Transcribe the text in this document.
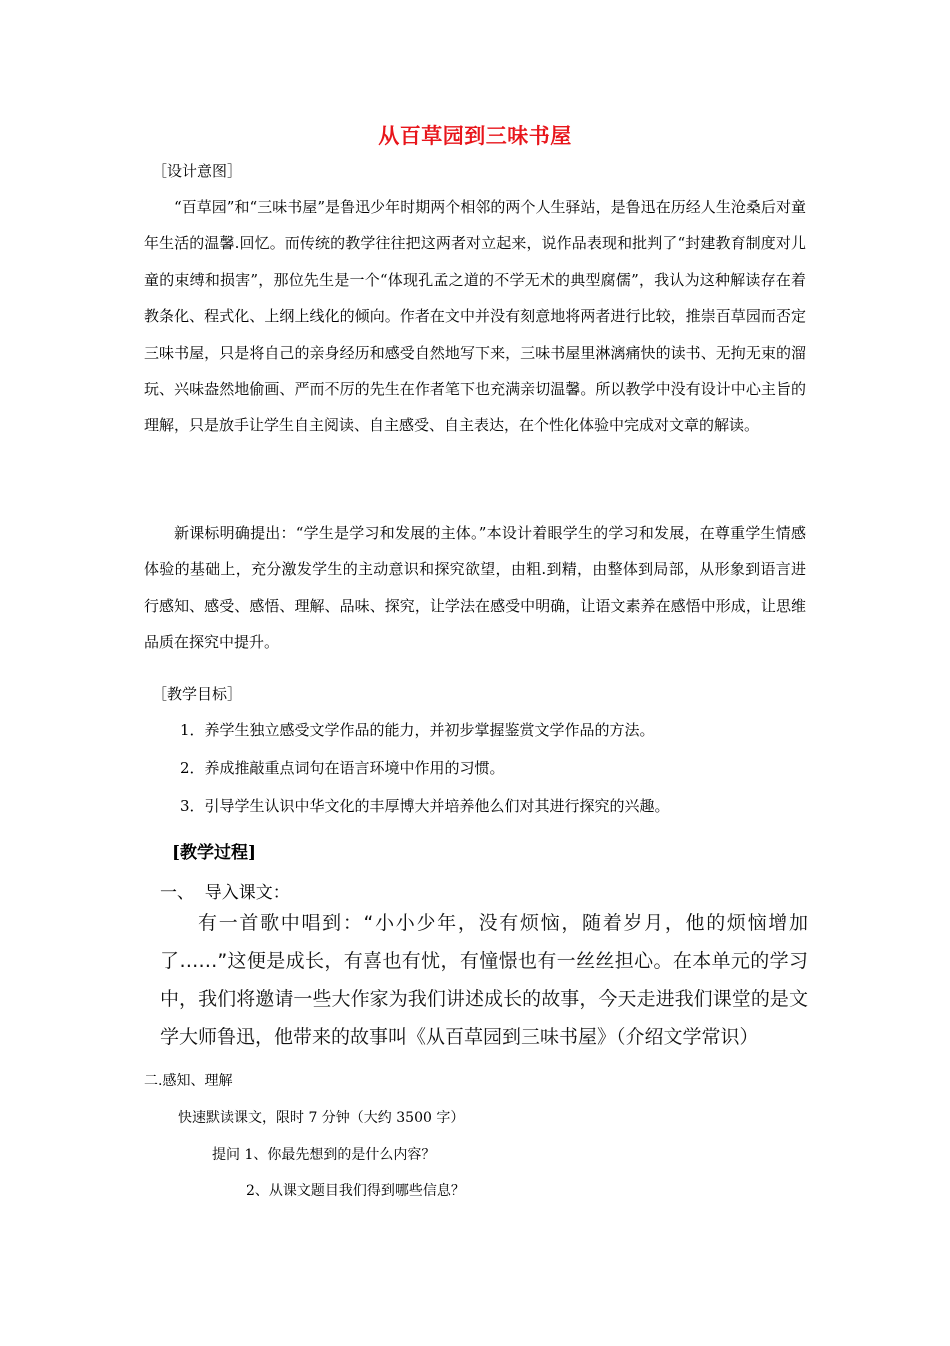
从百草园到三味书屋
［设计意图］
“百草园”和“三味书屋”是鲁迅少年时期两个相邻的两个人生驿站，是鲁迅在历经人生沧桑后对童年生活的温馨.回忆。而传统的教学往往把这两者对立起来，说作品表现和批判了“封建教育制度对儿童的束缚和损害”，那位先生是一个“体现孔孟之道的不学无术的典型腐儒”，我认为这种解读存在着教条化、程式化、上纲上线化的倾向。作者在文中并没有刻意地将两者进行比较，推崇百草园而否定三味书屋，只是将自己的亲身经历和感受自然地写下来，三味书屋里淋漓痛快的读书、无拘无束的溜玩、兴味盎然地偷画、严而不厉的先生在作者笔下也充满亲切温馨。所以教学中没有设计中心主旨的理解，只是放手让学生自主阅读、自主感受、自主表达，在个性化体验中完成对文章的解读。
新课标明确提出：“学生是学习和发展的主体。”本设计着眼学生的学习和发展，在尊重学生情感体验的基础上，充分激发学生的主动意识和探究欲望，由粗.到精，由整体到局部，从形象到语言进行感知、感受、感悟、理解、品味、探究，让学法在感受中明确，让语文素养在感悟中形成，让思维品质在探究中提升。
［教学目标］
1．养学生独立感受文学作品的能力，并初步掌握鉴赏文学作品的方法。
2．养成推敲重点词句在语言环境中作用的习惯。
3．引导学生认识中华文化的丰厚博大并培养他么们对其进行探究的兴趣。
[教学过程]
一、  导入课文：
有一首歌中唱到：“小小少年，没有烦恼，随着岁月，他的烦恼增加了……”这便是成长，有喜也有忧，有憧憬也有一丝丝担心。在本单元的学习中，我们将邀请一些大作家为我们讲述成长的故事，今天走进我们课堂的是文学大师鲁迅，他带来的故事叫《从百草园到三味书屋》（介绍文学常识）
二.感知、理解
快速默读课文，限时 7 分钟（大约 3500 字）
提问 1、你最先想到的是什么内容？
2、从课文题目我们得到哪些信息？
